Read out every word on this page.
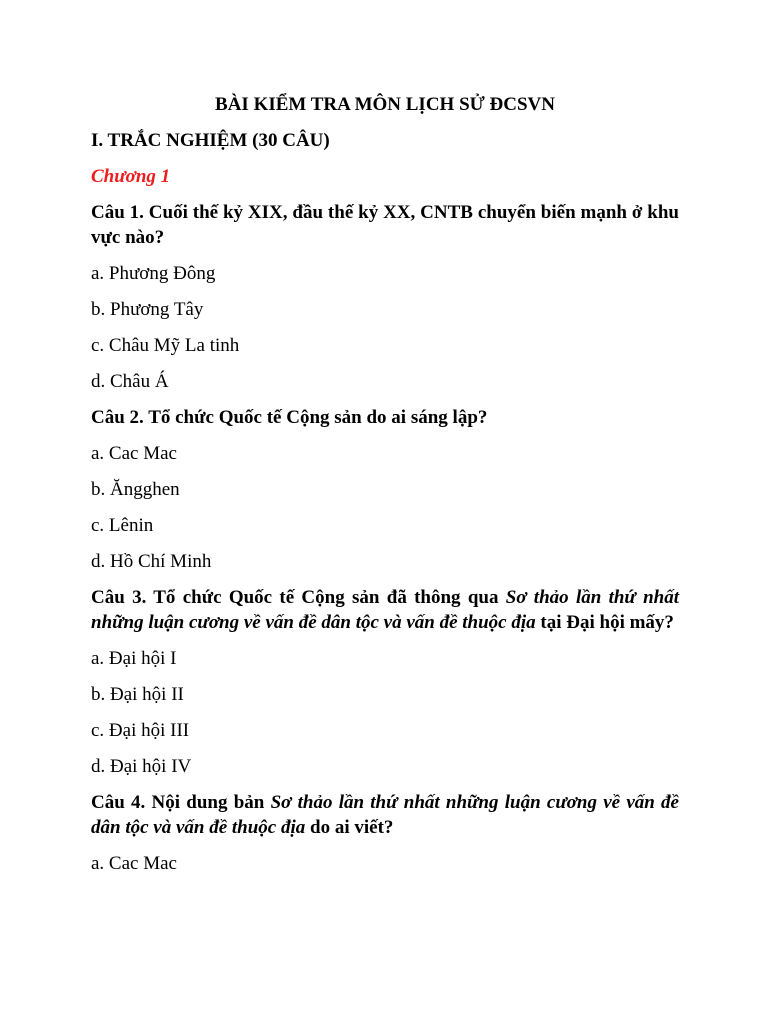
BÀI KIỂM TRA MÔN LỊCH SỬ ĐCSVN
I. TRẮC NGHIỆM (30 CÂU)
Chương 1
Câu 1. Cuối thế kỷ XIX, đầu thế kỷ XX, CNTB chuyển biến mạnh ở khu vực nào?
a. Phương Đông
b. Phương Tây
c. Châu Mỹ La tinh
d. Châu Á
Câu 2. Tổ chức Quốc tế Cộng sản do ai sáng lập?
a. Cac Mac
b. Ăngghen
c. Lênin
d. Hồ Chí Minh
Câu 3. Tổ chức Quốc tế Cộng sản đã thông qua Sơ thảo lần thứ nhất những luận cương về vấn đề dân tộc và vấn đề thuộc địa tại Đại hội mấy?
a. Đại hội I
b. Đại hội II
c. Đại hội III
d. Đại hội IV
Câu 4. Nội dung bản Sơ thảo lần thứ nhất những luận cương về vấn đề dân tộc và vấn đề thuộc địa do ai viết?
a. Cac Mac
